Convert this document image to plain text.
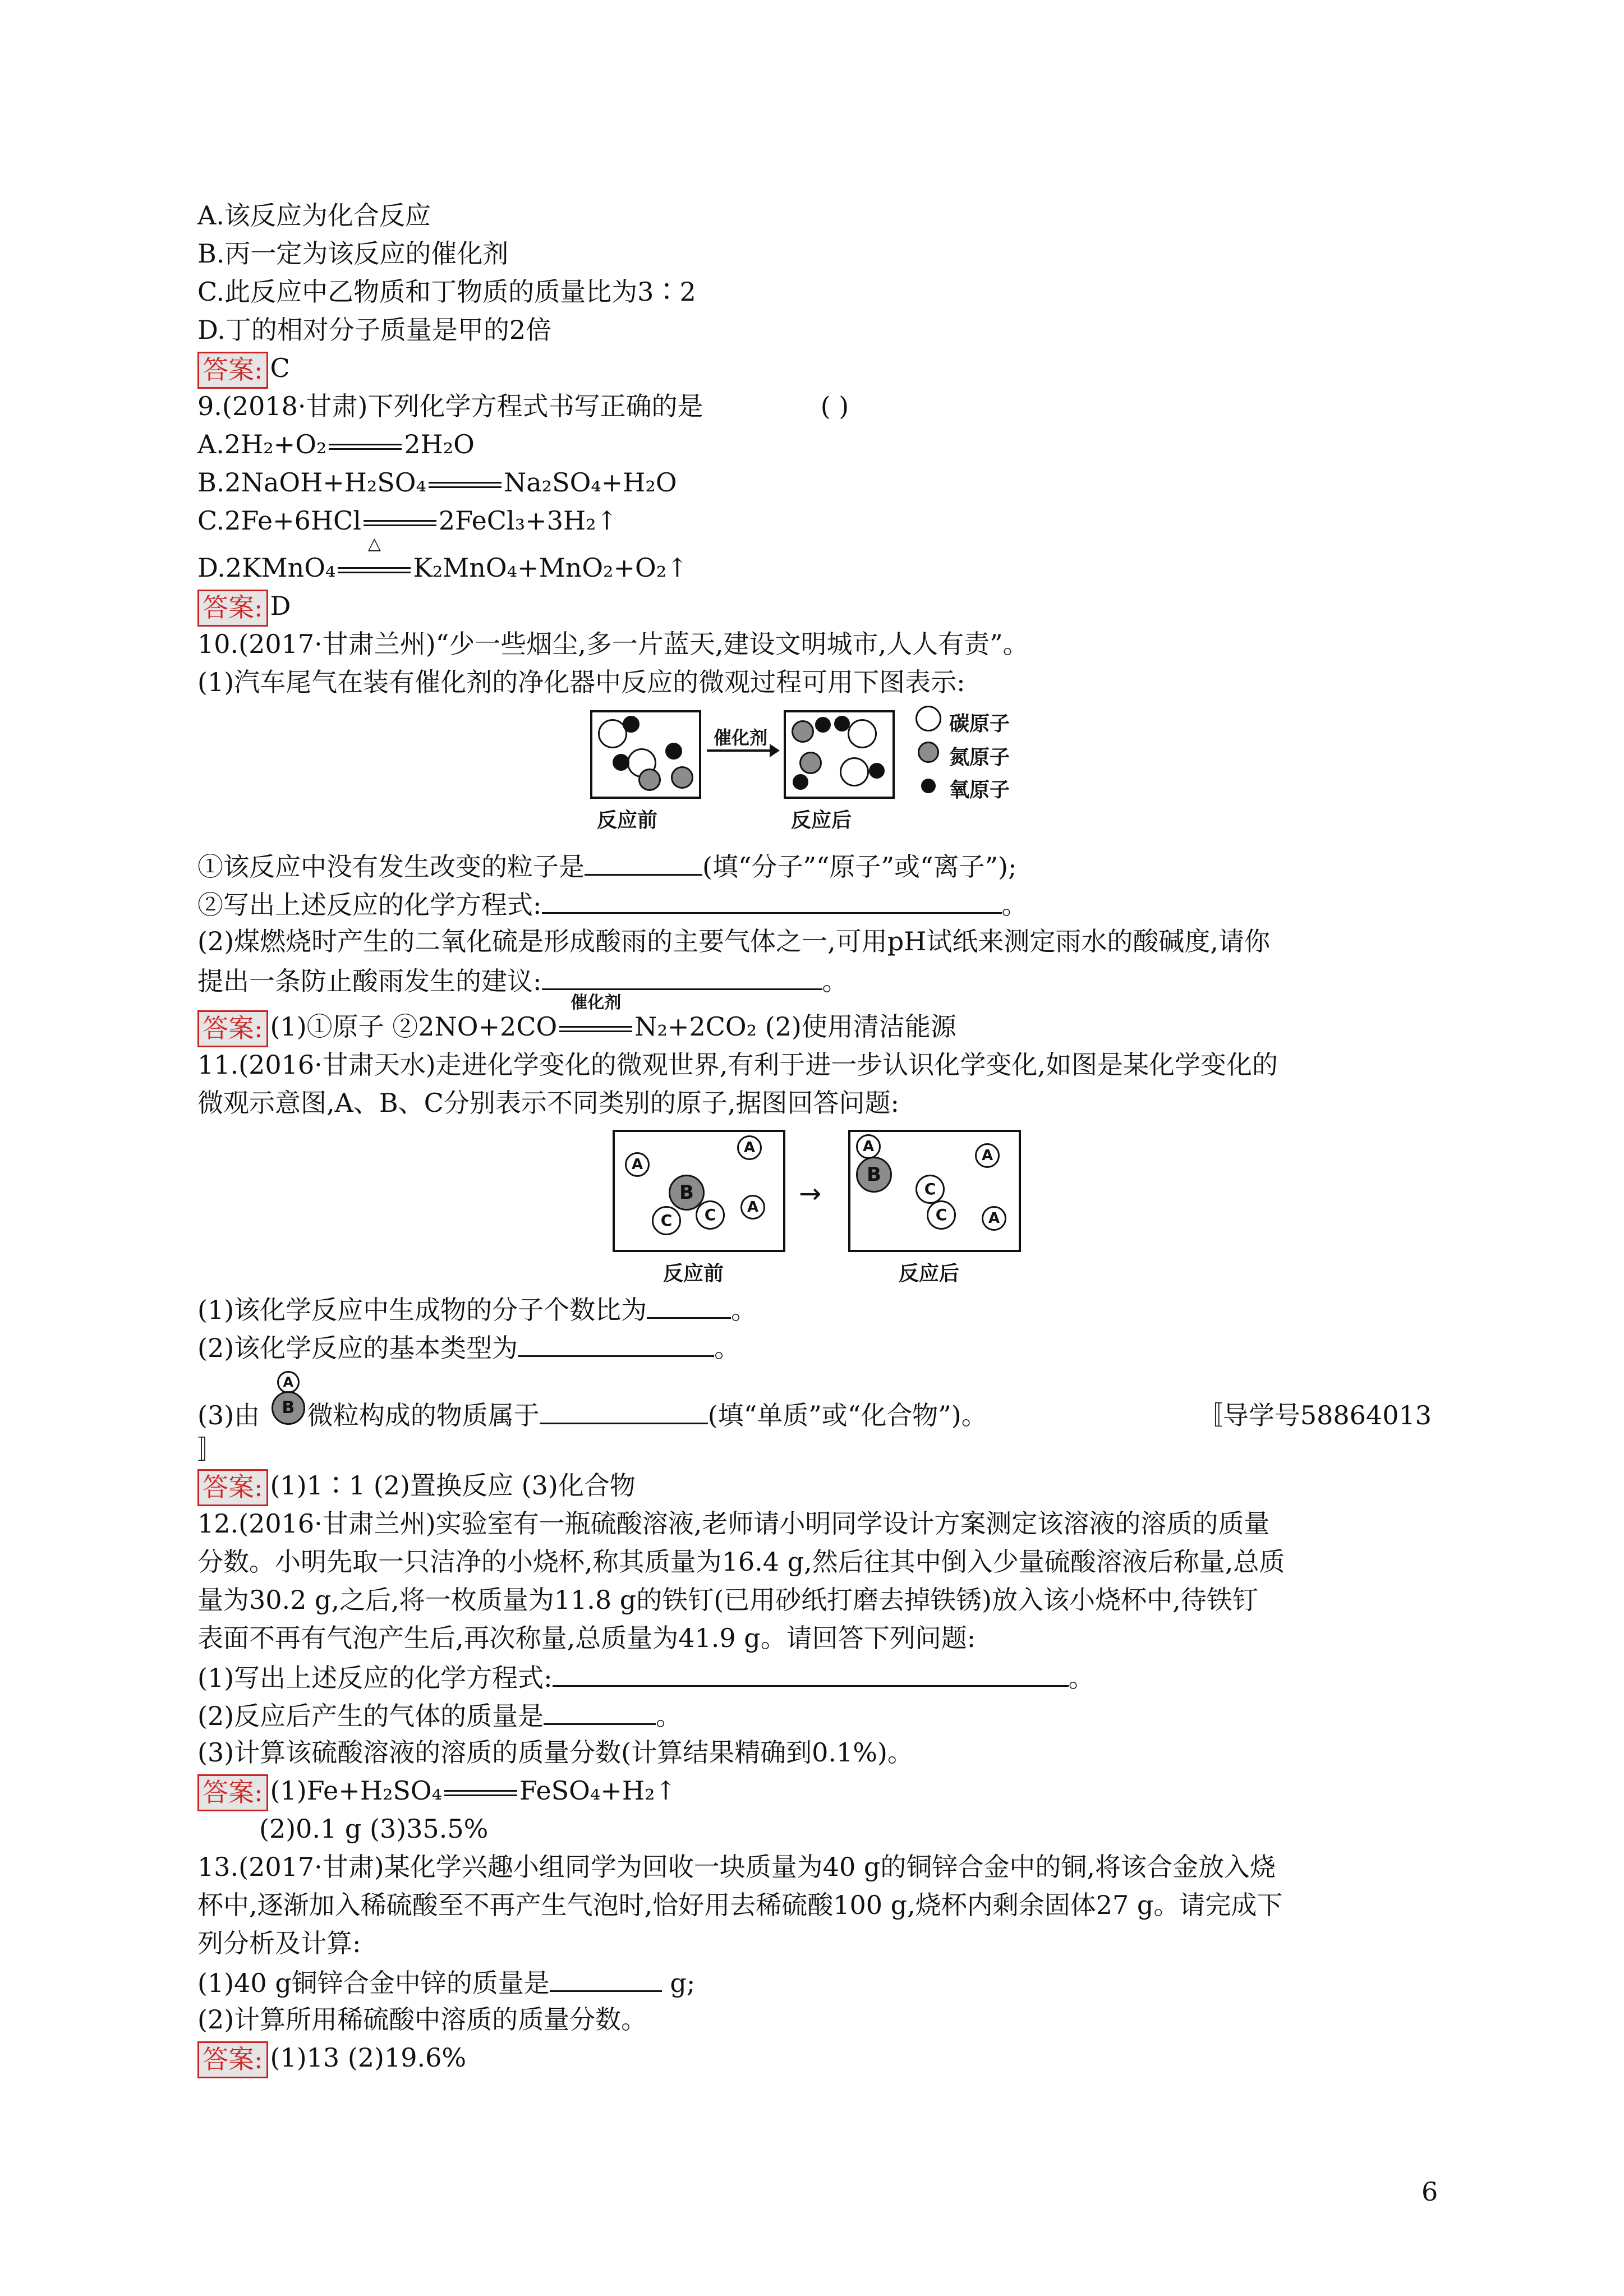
A.该反应为化合反应
B.丙一定为该反应的催化剂
C.此反应中乙物质和丁物质的质量比为3∶2
D.丁的相对分子质量是甲的2倍
答案: C
9.(2018·甘肃)下列化学方程式书写正确的是	( )
A.2H₂+O₂	2H₂O
B.2NaOH+H₂SO₄	Na₂SO₄+H₂O
C.2Fe+6HCl	2FeCl₃+3H₂↑
D.2KMnO₄
△
K₂MnO₄+MnO₂+O₂↑
答案: D
10.(2017·甘肃兰州)“少一些烟尘,多一片蓝天,建设文明城市,人人有责”。
(1)汽车尾气在装有催化剂的净化器中反应的微观过程可用下图表示:
反应前
催化剂
反应后
碳原子
氮原子
氧原子
①该反应中没有发生改变的粒子是	(填“分子”“原子”或“离子”);
②写出上述反应的化学方程式:	。
(2)煤燃烧时产生的二氧化硫是形成酸雨的主要气体之一,可用pH试纸来测定雨水的酸碱度,请你
提出一条防止酸雨发生的建议:	。
答案: (1)①原子 ②2NO+2CO
催化剂
N₂+2CO₂ (2)使用清洁能源
11.(2016·甘肃天水)走进化学变化的微观世界,有利于进一步认识化学变化,如图是某化学变化的
微观示意图,A、B、C分别表示不同类别的原子,据图回答问题:
A
A
B
C	C	A
反应前
→
A
B
A
C
C	A
反应后
(1)该化学反应中生成物的分子个数比为	。
(2)该化学反应的基本类型为	。
(3)由
A
B 微粒构成的物质属于	(填“单质”或“化合物”)。	〚导学号58864013
〛
答案: (1)1∶1 (2)置换反应 (3)化合物
12.(2016·甘肃兰州)实验室有一瓶硫酸溶液,老师请小明同学设计方案测定该溶液的溶质的质量
分数。小明先取一只洁净的小烧杯,称其质量为16.4 g,然后往其中倒入少量硫酸溶液后称量,总质
量为30.2 g,之后,将一枚质量为11.8 g的铁钉(已用砂纸打磨去掉铁锈)放入该小烧杯中,待铁钉
表面不再有气泡产生后,再次称量,总质量为41.9 g。请回答下列问题:
(1)写出上述反应的化学方程式:	。
(2)反应后产生的气体的质量是	。
(3)计算该硫酸溶液的溶质的质量分数(计算结果精确到0.1%)。
答案: (1)Fe+H₂SO₄	FeSO₄+H₂↑
(2)0.1 g (3)35.5%
13.(2017·甘肃)某化学兴趣小组同学为回收一块质量为40 g的铜锌合金中的铜,将该合金放入烧
杯中,逐渐加入稀硫酸至不再产生气泡时,恰好用去稀硫酸100 g,烧杯内剩余固体27 g。请完成下
列分析及计算:
(1)40 g铜锌合金中锌的质量是	g;
(2)计算所用稀硫酸中溶质的质量分数。
答案: (1)13 (2)19.6%
6
